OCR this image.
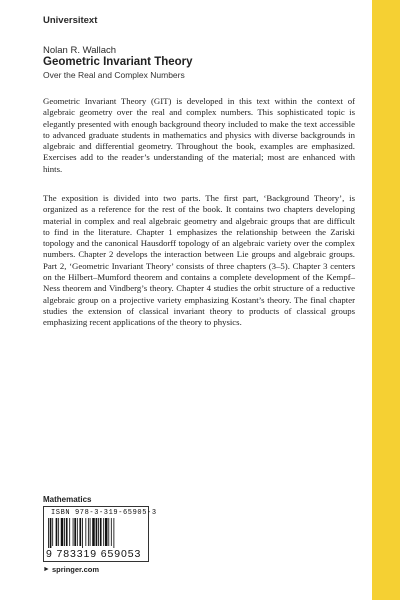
Universitext
Nolan R. Wallach
Geometric Invariant Theory
Over the Real and Complex Numbers

Geometric Invariant Theory (GIT) is developed in this text within the context of algebraic geometry over the real and complex numbers. This sophisticated topic is elegantly presented with enough background theory included to make the text accessible to advanced graduate students in mathematics and physics with diverse backgrounds in algebraic and differential geometry. Throughout the book, examples are emphasized. Exercises add to the reader’s understanding of the material; most are enhanced with hints.

The exposition is divided into two parts. The first part, ‘Background Theory’, is organized as a reference for the rest of the book. It contains two chapters developing material in complex and real algebraic geometry and algebraic groups that are difficult to find in the literature. Chapter 1 emphasizes the relationship between the Zariski topology and the canonical Hausdorff topology of an algebraic variety over the complex numbers. Chapter 2 develops the interaction between Lie groups and algebraic groups. Part 2, ‘Geometric Invariant Theory’ consists of three chapters (3–5). Chapter 3 centers on the Hilbert–Mumford theorem and contains a complete development of the Kempf–Ness theorem and Vindberg’s theory. Chapter 4 studies the orbit structure of a reductive algebraic group on a projective variety emphasizing Kostant’s theory. The final chapter studies the extension of classical invariant theory to products of classical groups emphasizing recent applications of the theory to physics.

Mathematics
ISBN 978-3-319-65905-3
9 783319 659053
► springer.com
